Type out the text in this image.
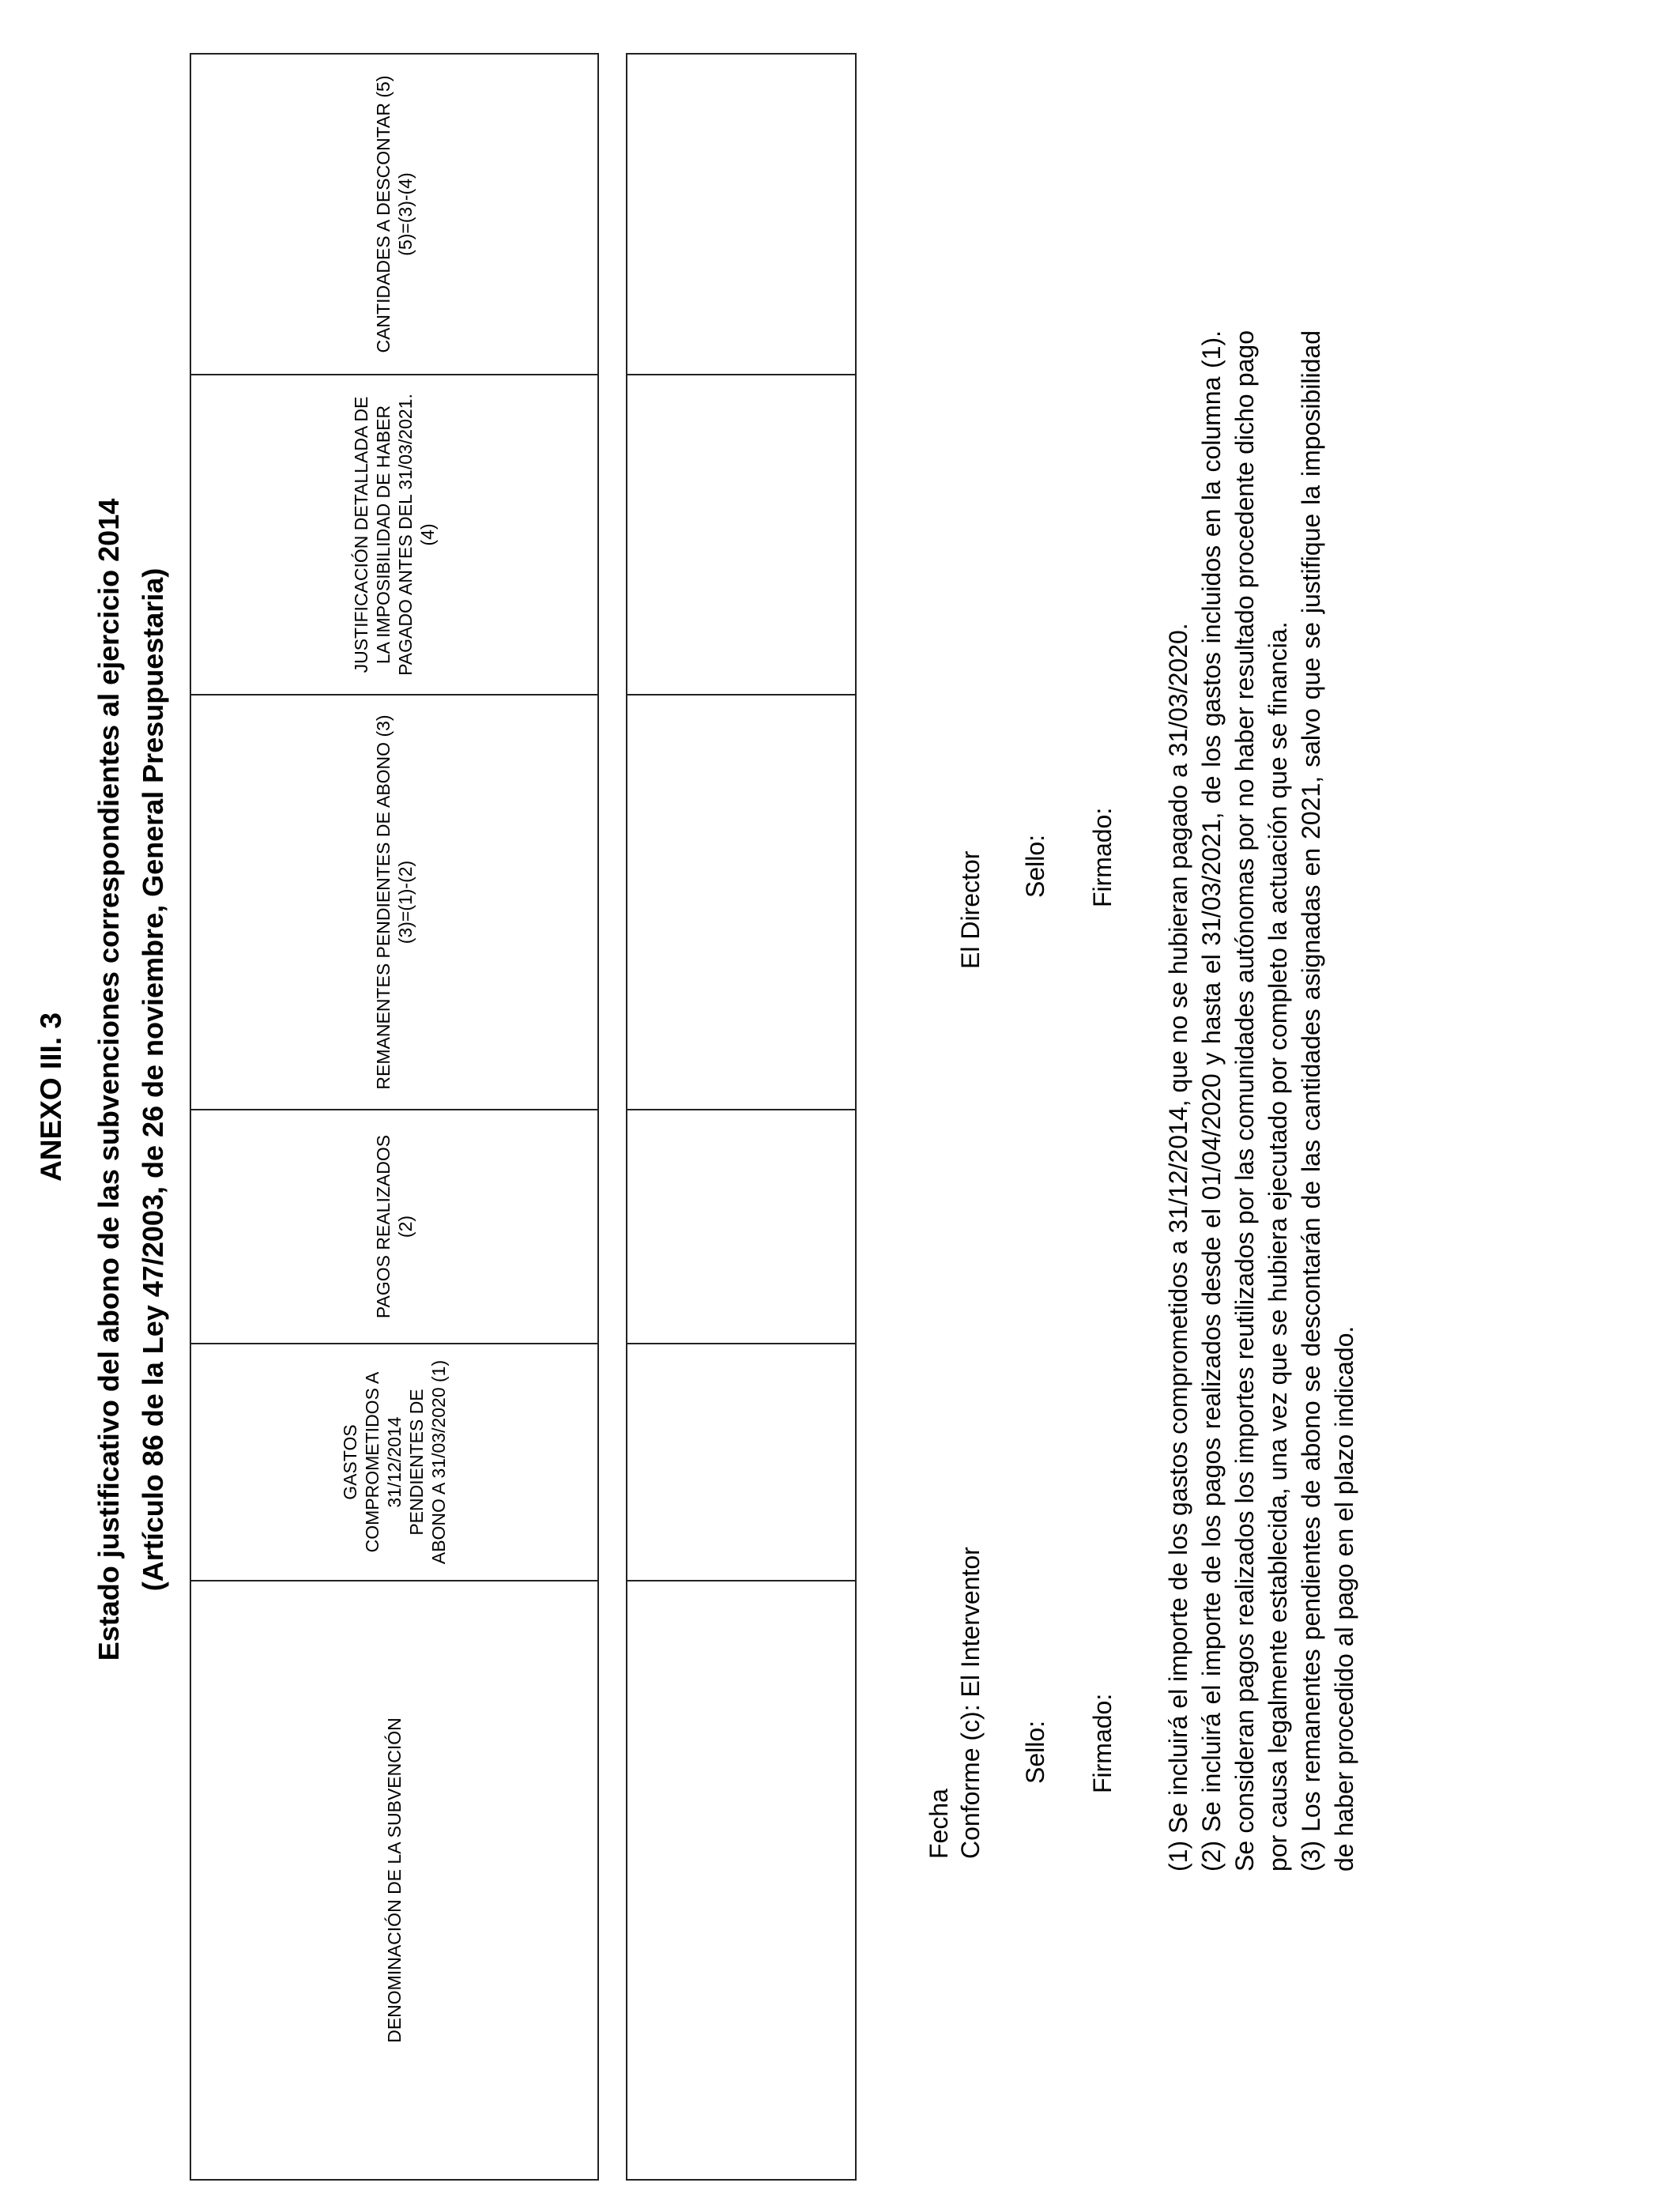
ANEXO III. 3 Estado justificativo del abono de las subvenciones correspondientes al ejercicio 2014 (Artículo 86 de la Ley 47/2003, de 26 de noviembre, General Presupuestaria)
DENOMINACIÓN DE LA SUBVENCIÓN	GASTOS COMPROMETIDOS A 31/12/2014 PENDIENTES DE ABONO A 31/03/2020 (1)	PAGOS REALIZADOS (2)	REMANENTES PENDIENTES DE ABONO (3) (3)=(1)-(2)	JUSTIFICACIÓN DETALLADA DE LA IMPOSIBILIDAD DE HABER PAGADO ANTES DEL 31/03/2021. (4)	CANTIDADES A DESCONTAR (5) (5)=(3)-(4)

Fecha Conforme (c): El Interventor
El Director
Sello:
Sello:
Firmado:
Firmado: (1) Se incluirá el importe de los gastos comprometidos a 31/12/2014, que no se hubieran pagado a 31/03/2020. (2) Se incluirá el importe de los pagos realizados desde el 01/04/2020 y hasta el 31/03/2021, de los gastos incluidos en la columna (1). Se consideran pagos realizados los importes reutilizados por las comunidades autónomas por no haber resultado procedente dicho pago por causa legalmente establecida, una vez que se hubiera ejecutado por completo la actuación que se financia. (3) Los remanentes pendientes de abono se descontarán de las cantidades asignadas en 2021, salvo que se justifique la imposibilidad de haber procedido al pago en el plazo indicado.
